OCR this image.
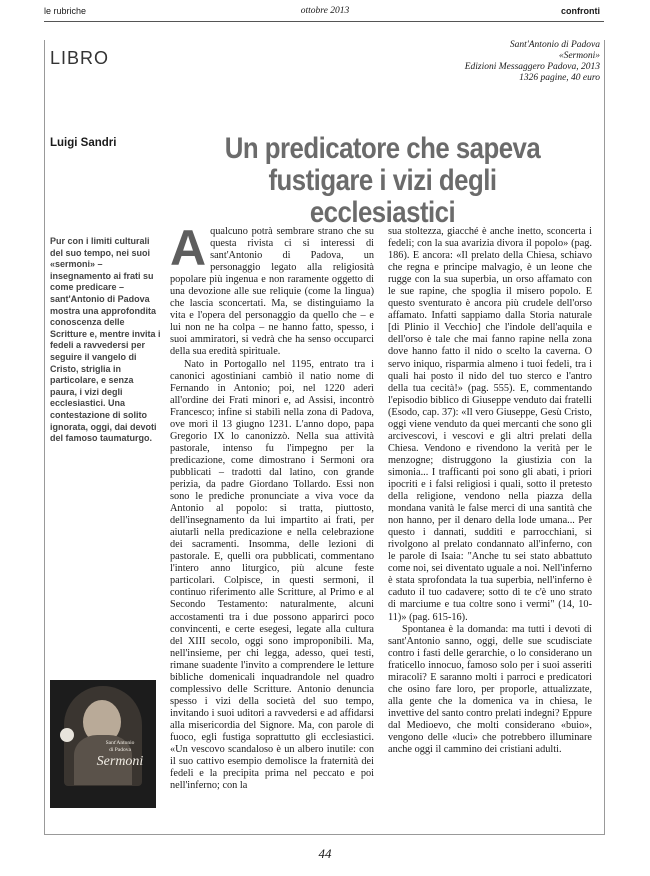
le rubriche	ottobre 2013	confronti
LIBRO
Sant'Antonio di Padova
«Sermoni»
Edizioni Messaggero Padova, 2013
1326 pagine, 40 euro
Luigi Sandri	Un predicatore che sapeva fustigare i vizi degli ecclesiastici
Pur con i limiti culturali del suo tempo, nei suoi «sermoni» – insegnamento ai frati su come predicare – sant'Antonio di Padova mostra una approfondita conoscenza delle Scritture e, mentre invita i fedeli a ravvedersi per seguire il vangelo di Cristo, striglia in particolare, e senza paura, i vizi degli ecclesiastici. Una contestazione di solito ignorata, oggi, dai devoti del famoso taumaturgo.
Sant'Antonio
di Padova
Sermoni

Aqualcuno potrà sembrare strano che su questa rivista ci si interessi di sant'Antonio di Padova, un personaggio legato alla religiosità popolare più ingenua e non raramente oggetto di una devozione alle sue reliquie (come la lingua) che lascia sconcertati. Ma, se distinguiamo la vita e l'opera del personaggio da quello che – e lui non ne ha colpa – ne hanno fatto, spesso, i suoi ammiratori, si vedrà che ha senso occuparci della sua eredità spirituale.

Nato in Portogallo nel 1195, entrato tra i canonici agostiniani cambiò il natio nome di Fernando in Antonio; poi, nel 1220 aderì all'ordine dei Frati minori e, ad Assisi, incontrò Francesco; infine si stabilì nella zona di Padova, ove morì il 13 giugno 1231. L'anno dopo, papa Gregorio IX lo canonizzò. Nella sua attività pastorale, intenso fu l'impegno per la predicazione, come dimostrano i Sermoni ora pubblicati – tradotti dal latino, con grande perizia, da padre Giordano Tollardo. Essi non sono le prediche pronunciate a viva voce da Antonio al popolo: si tratta, piuttosto, dell'insegnamento da lui impartito ai frati, per aiutarli nella predicazione e nella celebrazione dei sacramenti. Insomma, delle lezioni di pastorale. E, quelli ora pubblicati, commentano l'intero anno liturgico, più alcune feste particolari. Colpisce, in questi sermoni, il continuo riferimento alle Scritture, al Primo e al Secondo Testamento: naturalmente, alcuni accostamenti tra i due possono apparirci poco convincenti, e certe esegesi, legate alla cultura del XIII secolo, oggi sono improponibili. Ma, nell'insieme, per chi legga, adesso, quei testi, rimane suadente l'invito a comprendere le letture bibliche domenicali inquadrandole nel quadro complessivo delle Scritture. Antonio denuncia spesso i vizi della società del suo tempo, invitando i suoi uditori a ravvedersi e ad affidarsi alla misericordia del Signore. Ma, con parole di fuoco, egli fustiga soprattutto gli ecclesiastici. «Un vescovo scandaloso è un albero inutile: con il suo cattivo esempio demolisce la fraternità dei fedeli e la precipita prima nel peccato e poi nell'inferno; con la

sua stoltezza, giacché è anche inetto, sconcerta i fedeli; con la sua avarizia divora il popolo» (pag. 186). E ancora: «Il prelato della Chiesa, schiavo che regna e principe malvagio, è un leone che rugge con la sua superbia, un orso affamato con le sue rapine, che spoglia il misero popolo. E questo sventurato è ancora più crudele dell'orso affamato. Infatti sappiamo dalla Storia naturale [di Plinio il Vecchio] che l'indole dell'aquila e dell'orso è tale che mai fanno rapine nella zona dove hanno fatto il nido o scelto la caverna. O servo iniquo, risparmia almeno i tuoi fedeli, tra i quali hai posto il nido del tuo sterco e l'antro della tua cecità!» (pag. 555). E, commentando l'episodio biblico di Giuseppe venduto dai fratelli (Esodo, cap. 37): «Il vero Giuseppe, Gesù Cristo, oggi viene venduto da quei mercanti che sono gli arcivescovi, i vescovi e gli altri prelati della Chiesa. Vendono e rivendono la verità per le menzogne; distruggono la giustizia con la simonia... I trafficanti poi sono gli abati, i priori ipocriti e i falsi religiosi i quali, sotto il pretesto della religione, vendono nella piazza della mondana vanità le false merci di una santità che non hanno, per il denaro della lode umana... Per questo i dannati, sudditi e parrocchiani, si rivolgono al prelato condannato all'inferno, con le parole di Isaia: "Anche tu sei stato abbattuto come noi, sei diventato uguale a noi. Nell'inferno è stata sprofondata la tua superbia, nell'inferno è caduto il tuo cadavere; sotto di te c'è uno strato di marciume e tua coltre sono i vermi" (14, 10-11)» (pag. 615-16).

Spontanea è la domanda: ma tutti i devoti di sant'Antonio sanno, oggi, delle sue scudisciate contro i fasti delle gerarchie, o lo considerano un fraticello innocuo, famoso solo per i suoi asseriti miracoli? E saranno molti i parroci e predicatori che osino fare loro, per proporle, attualizzate, alla gente che la domenica va in chiesa, le invettive del santo contro prelati indegni? Eppure dal Medioevo, che molti considerano «buio», vengono delle «luci» che potrebbero illuminare anche oggi il cammino dei cristiani adulti.

44
